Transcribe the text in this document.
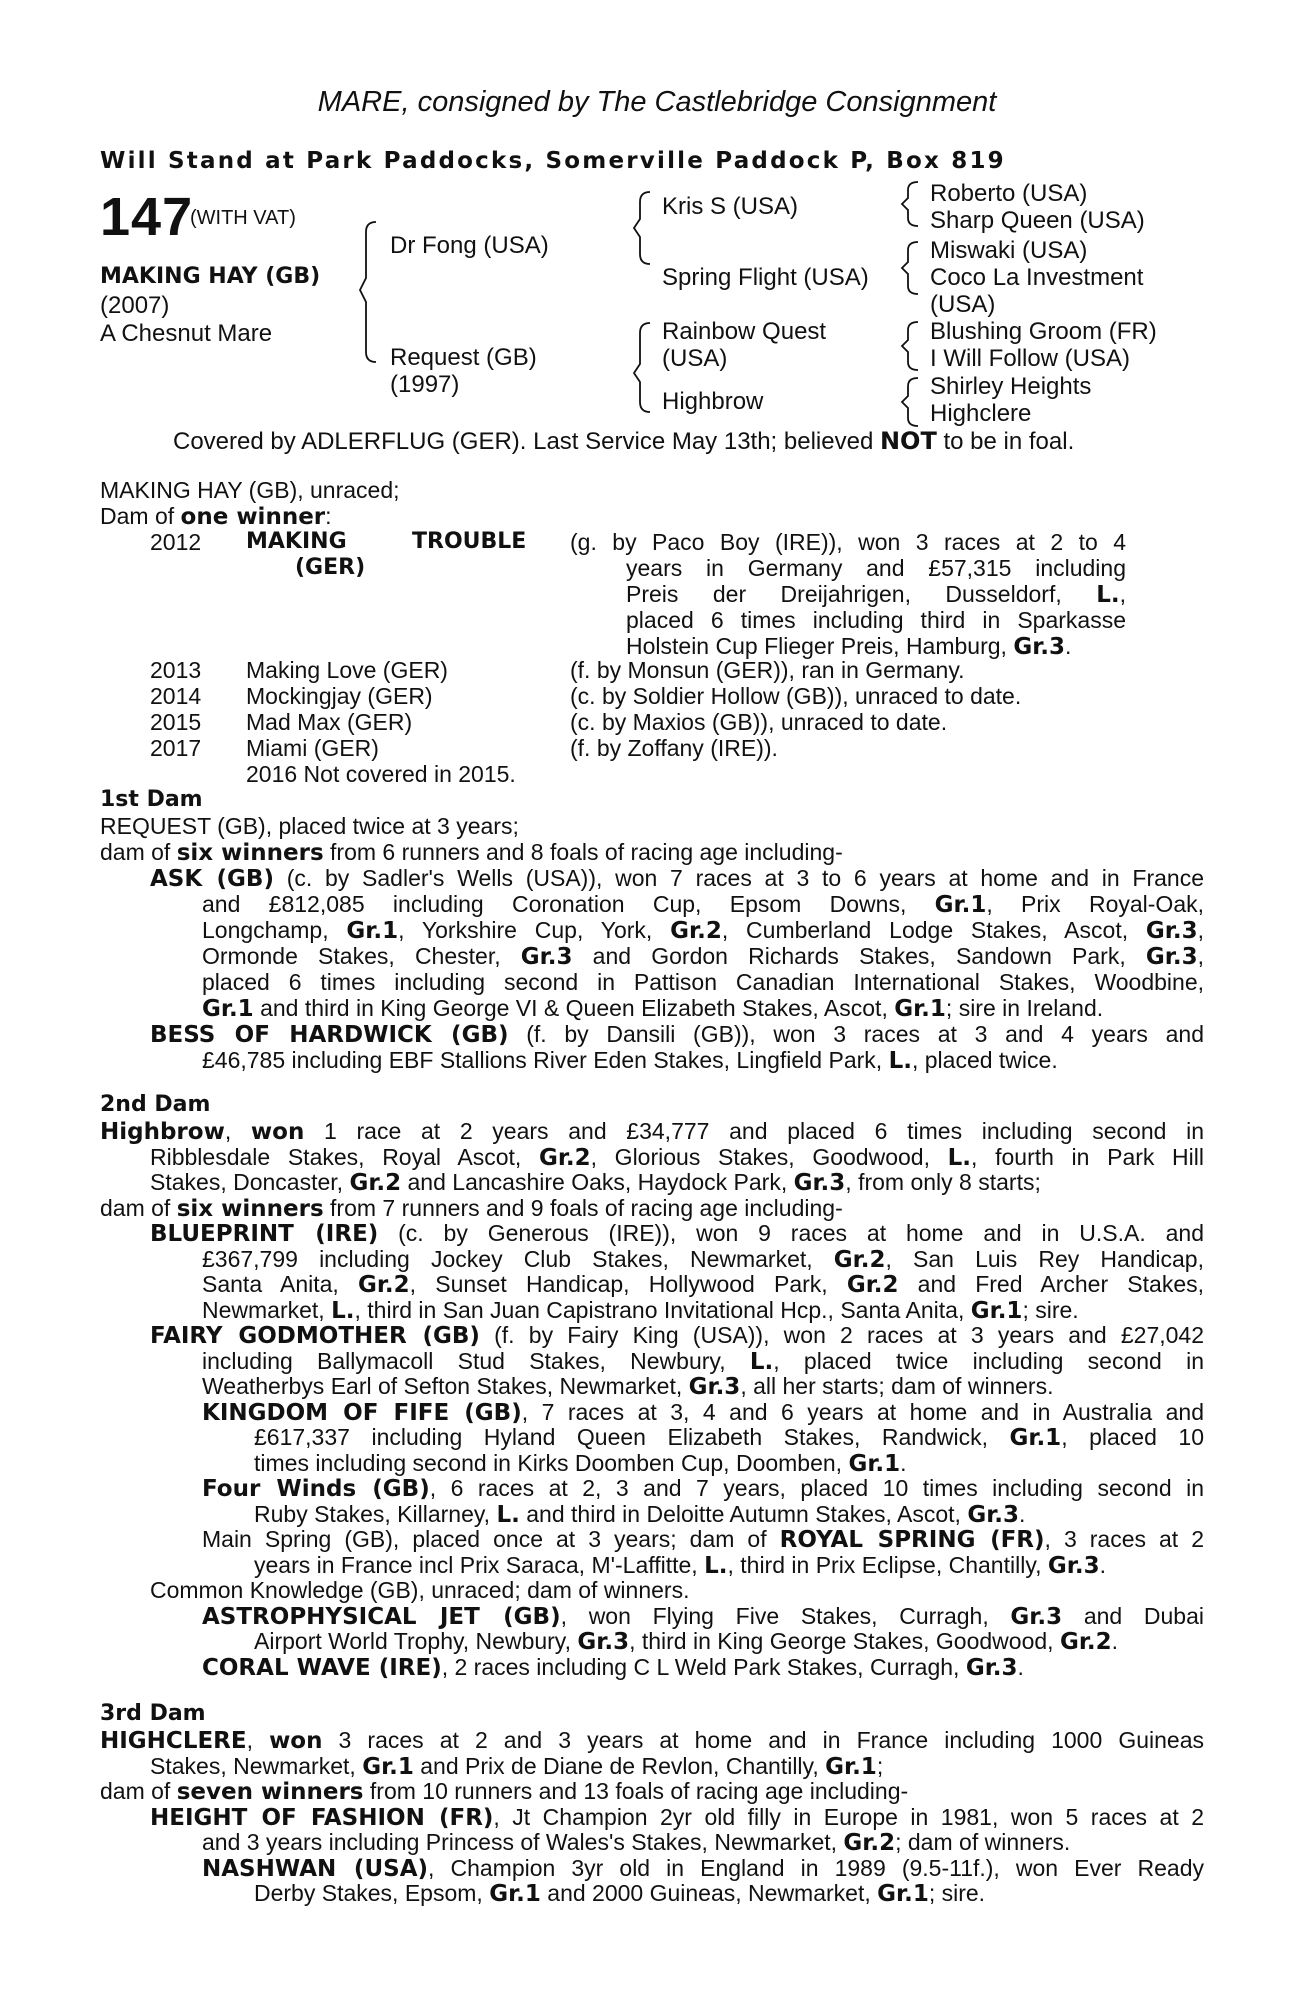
MARE, consigned by The Castlebridge Consignment
Will Stand at Park Paddocks, Somerville Paddock P, Box 819
147
(WITH VAT)
MAKING HAY (GB)
(2007)
A Chesnut Mare
Dr Fong (USA)
Request (GB)
(1997)
Kris S (USA)
Spring Flight (USA)
Rainbow Quest
(USA)
Highbrow
Roberto (USA)
Sharp Queen (USA)
Miswaki (USA)
Coco La Investment
(USA)
Blushing Groom (FR)
I Will Follow (USA)
Shirley Heights
Highclere
Covered by ADLERFLUG (GER). Last Service May 13th; believed NOT to be in foal.
MAKING HAY (GB), unraced;
Dam of one winner:
2012 MAKING	TROUBLE
(GER)
(g. by Paco Boy (IRE)), won 3 races at 2 to 4
years in Germany and £57,315 including
Preis der Dreijahrigen, Dusseldorf, L.,
placed 6 times including third in Sparkasse
Holstein Cup Flieger Preis, Hamburg, Gr.3.
2013 Making Love (GER)	(f. by Monsun (GER)), ran in Germany.
2014 Mockingjay (GER)	(c. by Soldier Hollow (GB)), unraced to date.
2015 Mad Max (GER)	(c. by Maxios (GB)), unraced to date.
2017 Miami (GER)	(f. by Zoffany (IRE)).
2016 Not covered in 2015.
1st Dam
REQUEST (GB), placed twice at 3 years;
dam of six winners from 6 runners and 8 foals of racing age including-
ASK (GB) (c. by Sadler's Wells (USA)), won 7 races at 3 to 6 years at home and in France
and £812,085 including Coronation Cup, Epsom Downs, Gr.1, Prix Royal-Oak,
Longchamp, Gr.1, Yorkshire Cup, York, Gr.2, Cumberland Lodge Stakes, Ascot, Gr.3,
Ormonde Stakes, Chester, Gr.3 and Gordon Richards Stakes, Sandown Park, Gr.3,
placed 6 times including second in Pattison Canadian International Stakes, Woodbine,
Gr.1 and third in King George VI & Queen Elizabeth Stakes, Ascot, Gr.1; sire in Ireland.
BESS OF HARDWICK (GB) (f. by Dansili (GB)), won 3 races at 3 and 4 years and
£46,785 including EBF Stallions River Eden Stakes, Lingfield Park, L., placed twice.
2nd Dam
Highbrow, won 1 race at 2 years and £34,777 and placed 6 times including second in
Ribblesdale Stakes, Royal Ascot, Gr.2, Glorious Stakes, Goodwood, L., fourth in Park Hill
Stakes, Doncaster, Gr.2 and Lancashire Oaks, Haydock Park, Gr.3, from only 8 starts;
dam of six winners from 7 runners and 9 foals of racing age including-
BLUEPRINT (IRE) (c. by Generous (IRE)), won 9 races at home and in U.S.A. and
£367,799 including Jockey Club Stakes, Newmarket, Gr.2, San Luis Rey Handicap,
Santa Anita, Gr.2, Sunset Handicap, Hollywood Park, Gr.2 and Fred Archer Stakes,
Newmarket, L., third in San Juan Capistrano Invitational Hcp., Santa Anita, Gr.1; sire.
FAIRY GODMOTHER (GB) (f. by Fairy King (USA)), won 2 races at 3 years and £27,042
including Ballymacoll Stud Stakes, Newbury, L., placed twice including second in
Weatherbys Earl of Sefton Stakes, Newmarket, Gr.3, all her starts; dam of winners.
KINGDOM OF FIFE (GB), 7 races at 3, 4 and 6 years at home and in Australia and
£617,337 including Hyland Queen Elizabeth Stakes, Randwick, Gr.1, placed 10
times including second in Kirks Doomben Cup, Doomben, Gr.1.
Four Winds (GB), 6 races at 2, 3 and 7 years, placed 10 times including second in
Ruby Stakes, Killarney, L. and third in Deloitte Autumn Stakes, Ascot, Gr.3.
Main Spring (GB), placed once at 3 years; dam of ROYAL SPRING (FR), 3 races at 2
years in France incl Prix Saraca, M'-Laffitte, L., third in Prix Eclipse, Chantilly, Gr.3.
Common Knowledge (GB), unraced; dam of winners.
ASTROPHYSICAL JET (GB), won Flying Five Stakes, Curragh, Gr.3 and Dubai
Airport World Trophy, Newbury, Gr.3, third in King George Stakes, Goodwood, Gr.2.
CORAL WAVE (IRE), 2 races including C L Weld Park Stakes, Curragh, Gr.3.
3rd Dam
HIGHCLERE, won 3 races at 2 and 3 years at home and in France including 1000 Guineas
Stakes, Newmarket, Gr.1 and Prix de Diane de Revlon, Chantilly, Gr.1;
dam of seven winners from 10 runners and 13 foals of racing age including-
HEIGHT OF FASHION (FR), Jt Champion 2yr old filly in Europe in 1981, won 5 races at 2
and 3 years including Princess of Wales's Stakes, Newmarket, Gr.2; dam of winners.
NASHWAN (USA), Champion 3yr old in England in 1989 (9.5-11f.), won Ever Ready
Derby Stakes, Epsom, Gr.1 and 2000 Guineas, Newmarket, Gr.1; sire.
